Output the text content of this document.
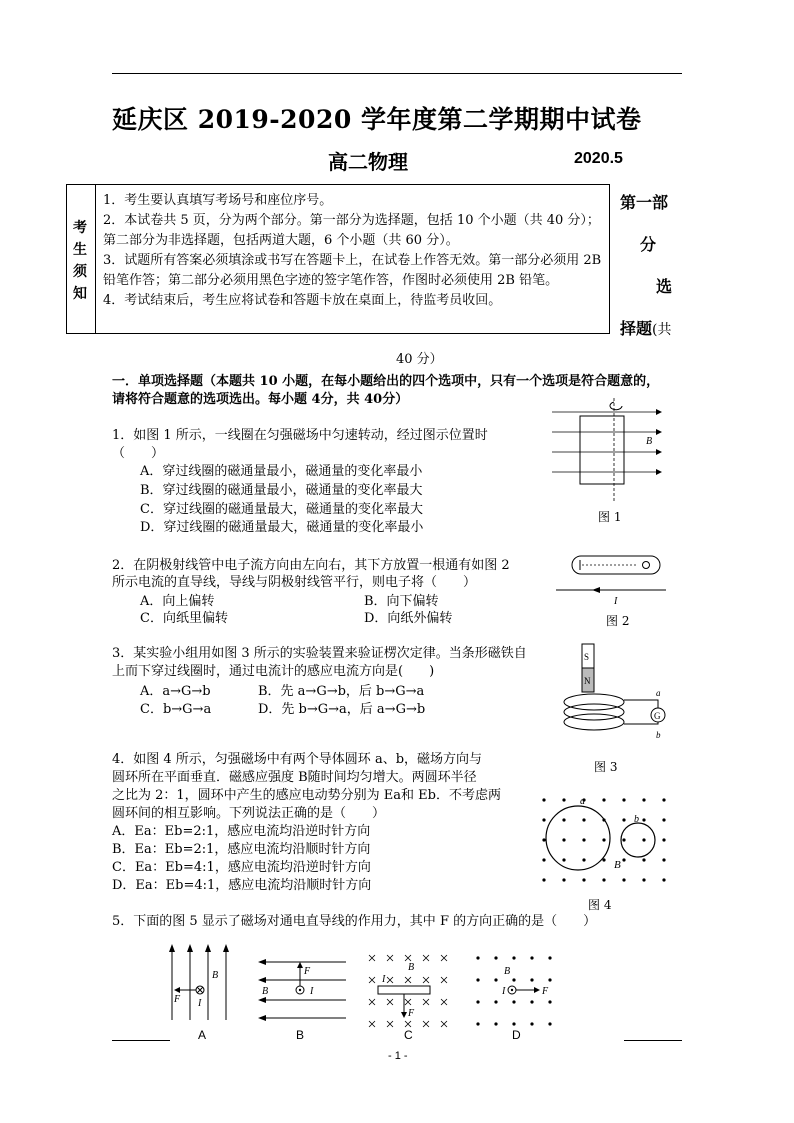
延庆区 2019-2020 学年度第二学期期中试卷
高二物理	2020.5
考
生
须
知
1．考生要认真填写考场号和座位序号。
2．本试卷共 5 页，分为两个部分。第一部分为选择题，包括 10 个小题（共 40 分）；第二部分为非选择题，包括两道大题，6 个小题（共 60 分）。
3．试题所有答案必须填涂或书写在答题卡上，在试卷上作答无效。第一部分必须用 2B 铅笔作答；第二部分必须用黑色字迹的签字笔作答，作图时必须使用 2B 铅笔。
4．考试结束后，考生应将试卷和答题卡放在桌面上，待监考员收回。
第一部
分
选
择题(共
40 分）
一．单项选择题（本题共 10 小题，在每小题给出的四个选项中，只有一个选项是符合题意的，
请将符合题意的选项选出。每小题 4分，共 40分）
1．如图 1 所示，一线圈在匀强磁场中匀速转动，经过图示位置时
（　　）
A．穿过线圈的磁通量最小，磁通量的变化率最小
B．穿过线圈的磁通量最小，磁通量的变化率最大
C．穿过线圈的磁通量最大，磁通量的变化率最大
D．穿过线圈的磁通量最大，磁通量的变化率最小
B
图 1
2．在阴极射线管中电子流方向由左向右，其下方放置一根通有如图 2
所示电流的直导线，导线与阴极射线管平行，则电子将（　　）
A．向上偏转	B．向下偏转
C．向纸里偏转	D．向纸外偏转
I
图 2
3．某实验小组用如图 3 所示的实验装置来验证楞次定律。当条形磁铁自
上而下穿过线圈时，通过电流计的感应电流方向是(　　)
A．a→G→b	B．先 a→G→b，后 b→G→a
C．b→G→a	D．先 b→G→a，后 a→G→b
S
N
G
a
b
图 3
4．如图 4 所示，匀强磁场中有两个导体圆环 a、b，磁场方向与
圆环所在平面垂直．磁感应强度 B随时间均匀增大。两圆环半径
之比为 2：1，圆环中产生的感应电动势分别为 Ea和 Eb．不考虑两
圆环间的相互影响。下列说法正确的是（　　）
A．Ea：Eb=2:1，感应电流均沿逆时针方向
B．Ea：Eb=2:1，感应电流均沿顺时针方向
C．Ea：Eb=4:1，感应电流均沿逆时针方向
D．Ea：Eb=4:1，感应电流均沿顺时针方向
a
b
B
图 4
5．下面的图 5 显示了磁场对通电直导线的作用力，其中 F 的方向正确的是（　　）
F I
B	F
I
B
I
B
F
I	F
B
A	B	C	D
- 1 -
